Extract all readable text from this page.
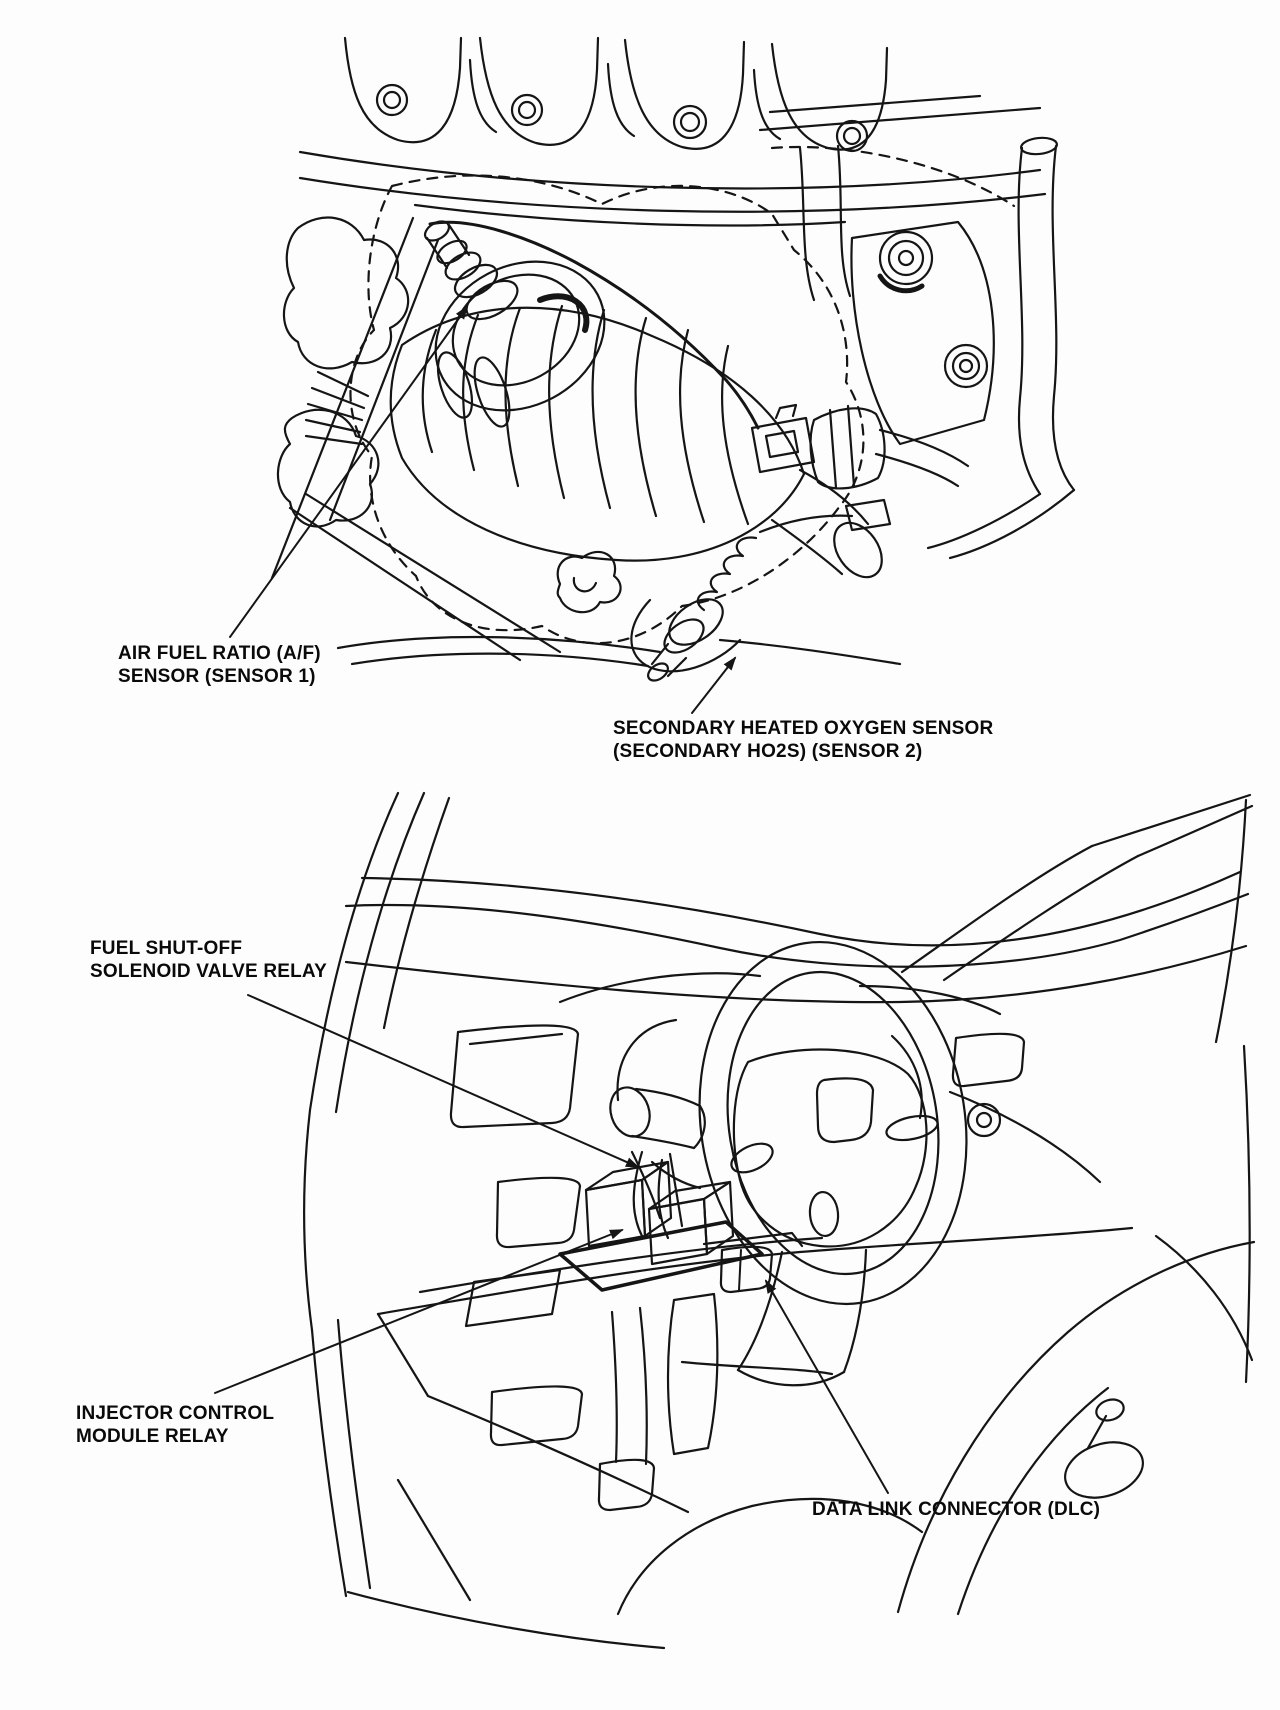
AIR FUEL RATIO (A/F)
SENSOR (SENSOR 1)
SECONDARY HEATED OXYGEN SENSOR
(SECONDARY HO2S) (SENSOR 2)
FUEL SHUT-OFF
SOLENOID VALVE RELAY
INJECTOR CONTROL
MODULE RELAY
DATA LINK CONNECTOR (DLC)
